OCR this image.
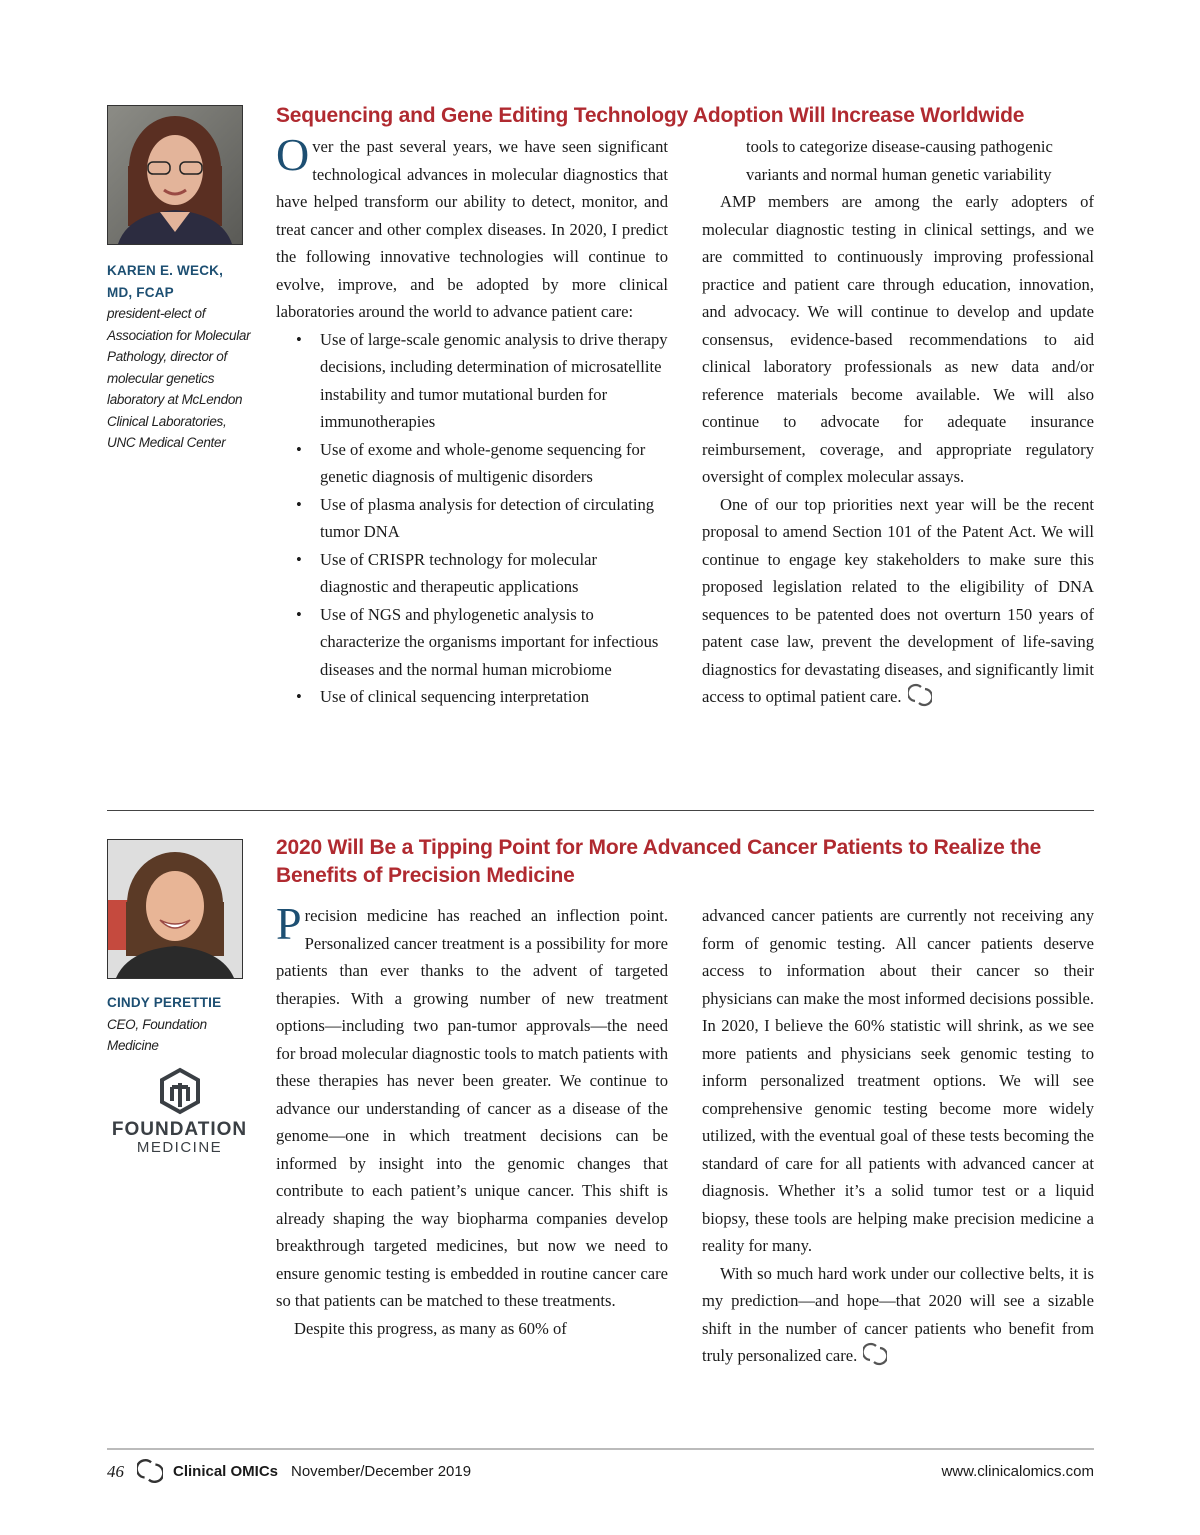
KAREN E. WECK,
MD, FCAP
president-elect of Association for Molecular Pathology, director of molecular genetics laboratory at McLendon Clinical Laboratories, UNC Medical Center
Sequencing and Gene Editing Technology Adoption Will Increase Worldwide

Over the past several years, we have seen significant technological advances in molecular diagnostics that have helped transform our ability to detect, monitor, and treat cancer and other complex diseases. In 2020, I predict the following innovative technologies will continue to evolve, improve, and be adopted by more clinical laboratories around the world to advance patient care:

• Use of large-scale genomic analysis to drive therapy decisions, including determination of microsatellite instability and tumor mutational burden for immunotherapies
• Use of exome and whole-genome sequencing for genetic diagnosis of multigenic disorders
• Use of plasma analysis for detection of circulating tumor DNA
• Use of CRISPR technology for molecular diagnostic and therapeutic applications
• Use of NGS and phylogenetic analysis to characterize the organisms important for infectious diseases and the normal human microbiome
• Use of clinical sequencing interpretation

tools to categorize disease-causing pathogenic variants and normal human genetic variability

AMP members are among the early adopters of molecular diagnostic testing in clinical settings, and we are committed to continuously improving professional practice and patient care through education, innovation, and advocacy. We will continue to develop and update consensus, evidence-based recommendations to aid clinical laboratory professionals as new data and/or reference materials become available. We will also continue to advocate for adequate insurance reimbursement, coverage, and appropriate regulatory oversight of complex molecular assays.

One of our top priorities next year will be the recent proposal to amend Section 101 of the Patent Act. We will continue to engage key stakeholders to make sure this proposed legislation related to the eligibility of DNA sequences to be patented does not overturn 150 years of patent case law, prevent the development of life-saving diagnostics for devastating diseases, and significantly limit access to optimal patient care.

CINDY PERETTIE
CEO, Foundation Medicine
FOUNDATION
MEDICINE
2020 Will Be a Tipping Point for More Advanced Cancer Patients to Realize the Benefits of Precision Medicine

Precision medicine has reached an inflection point. Personalized cancer treatment is a possibility for more patients than ever thanks to the advent of targeted therapies. With a growing number of new treatment options—including two pan-tumor approvals—the need for broad molecular diagnostic tools to match patients with these therapies has never been greater. We continue to advance our understanding of cancer as a disease of the genome—one in which treatment decisions can be informed by insight into the genomic changes that contribute to each patient’s unique cancer. This shift is already shaping the way biopharma companies develop breakthrough targeted medicines, but now we need to ensure genomic testing is embedded in routine cancer care so that patients can be matched to these treatments.

Despite this progress, as many as 60% of

advanced cancer patients are currently not receiving any form of genomic testing. All cancer patients deserve access to information about their cancer so their physicians can make the most informed decisions possible. In 2020, I believe the 60% statistic will shrink, as we see more patients and physicians seek genomic testing to inform personalized treatment options. We will see comprehensive genomic testing become more widely utilized, with the eventual goal of these tests becoming the standard of care for all patients with advanced cancer at diagnosis. Whether it’s a solid tumor test or a liquid biopsy, these tools are helping make precision medicine a reality for many.

With so much hard work under our collective belts, it is my prediction—and hope—that 2020 will see a sizable shift in the number of cancer patients who benefit from truly personalized care.

46	Clinical OMICs November/December 2019	www.clinicalomics.com
